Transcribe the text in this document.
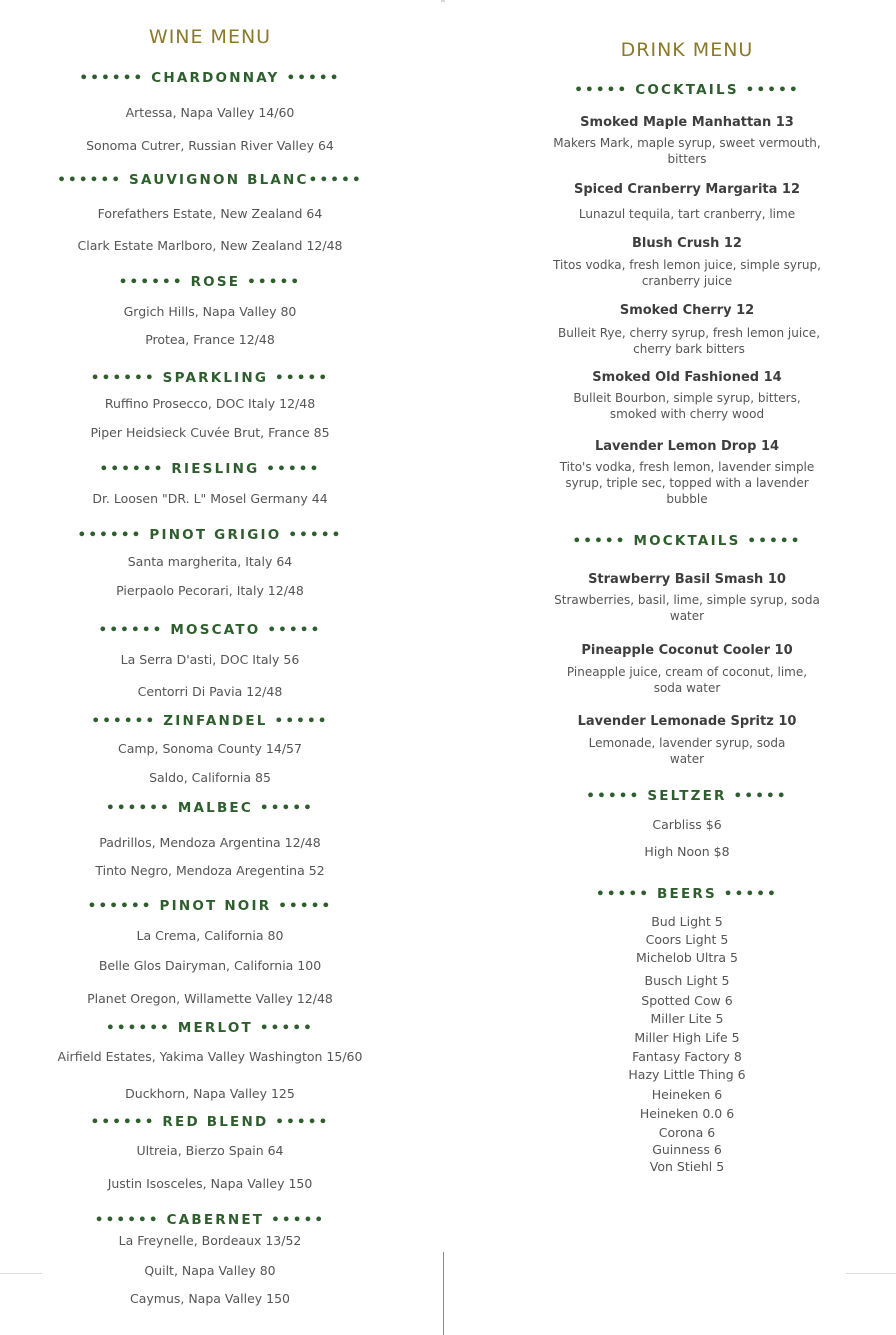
WINE MENU

•••••• CHARDONNAY •••••

Artessa, Napa Valley 14/60

Sonoma Cutrer, Russian River Valley 64

•••••• SAUVIGNON BLANC•••••

Forefathers Estate, New Zealand 64

Clark Estate Marlboro, New Zealand 12/48

•••••• ROSE •••••

Grgich Hills, Napa Valley 80

Protea, France 12/48

•••••• SPARKLING •••••

Ruffino Prosecco, DOC Italy 12/48

Piper Heidsieck Cuvée Brut, France 85

•••••• RIESLING •••••

Dr. Loosen "DR. L" Mosel Germany 44

•••••• PINOT GRIGIO •••••

Santa margherita, Italy 64

Pierpaolo Pecorari, Italy 12/48

•••••• MOSCATO •••••

La Serra D'asti, DOC Italy 56

Centorri Di Pavia 12/48

•••••• ZINFANDEL •••••

Camp, Sonoma County 14/57

Saldo, California 85

•••••• MALBEC •••••

Padrillos, Mendoza Argentina 12/48

Tinto Negro, Mendoza Aregentina 52

•••••• PINOT NOIR •••••

La Crema, California 80

Belle Glos Dairyman, California 100

Planet Oregon, Willamette Valley 12/48

•••••• MERLOT •••••

Airfield Estates, Yakima Valley Washington 15/60

Duckhorn, Napa Valley 125

•••••• RED BLEND •••••

Ultreia, Bierzo Spain 64

Justin Isosceles, Napa Valley 150

•••••• CABERNET •••••

La Freynelle, Bordeaux 13/52

Quilt, Napa Valley 80

Caymus, Napa Valley 150

DRINK MENU

••••• COCKTAILS •••••

Smoked Maple Manhattan 13

Makers Mark, maple syrup, sweet vermouth, bitters

Spiced Cranberry Margarita 12

Lunazul tequila, tart cranberry, lime

Blush Crush 12

Titos vodka, fresh lemon juice, simple syrup, cranberry juice

Smoked Cherry 12

Bulleit Rye, cherry syrup, fresh lemon juice, cherry bark bitters

Smoked Old Fashioned 14

Bulleit Bourbon, simple syrup, bitters, smoked with cherry wood

Lavender Lemon Drop 14

Tito's vodka, fresh lemon, lavender simple syrup, triple sec, topped with a lavender bubble

••••• MOCKTAILS •••••

Strawberry Basil Smash 10

Strawberries, basil, lime, simple syrup, soda water

Pineapple Coconut Cooler 10

Pineapple juice, cream of coconut, lime, soda water

Lavender Lemonade Spritz 10

Lemonade, lavender syrup, soda water

••••• SELTZER •••••

Carbliss $6

High Noon $8

••••• BEERS •••••

Bud Light 5

Coors Light 5

Michelob Ultra 5

Busch Light 5

Spotted Cow 6

Miller Lite 5

Miller High Life 5

Fantasy Factory 8

Hazy Little Thing 6

Heineken 6

Heineken 0.0 6

Corona 6

Guinness 6

Von Stiehl 5
